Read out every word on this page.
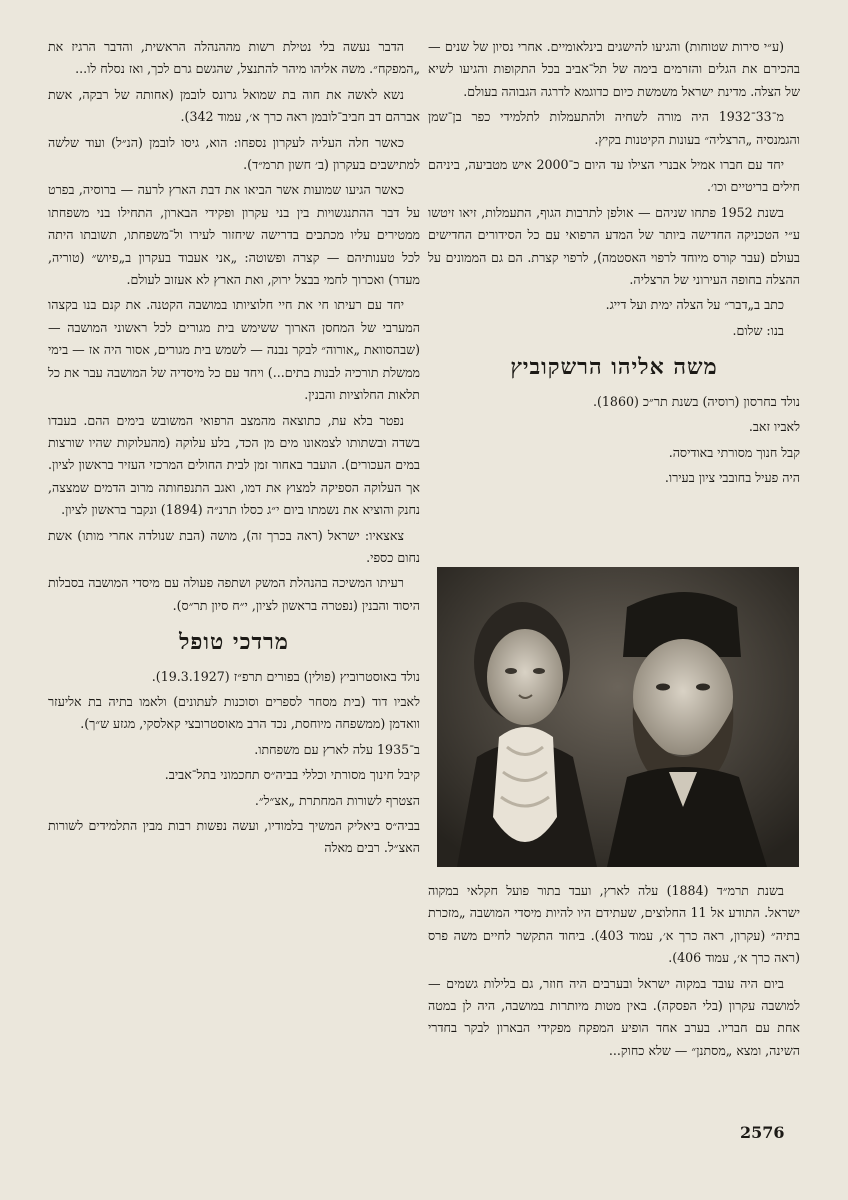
(ע״י סירות שטוחות) והגיעו להישגים בינלאומיים. אחרי נסיון של שנים — בהכירם את הגלים והזרמים בימה של תל־אביב בכל התקופות והגיעו לשיא של הצלה. מדינת ישראל משמשת כיום כדוגמא לדרגה הגבוהה בעולם.

מ־33־1932 היה מורה לשחיה ולהתעמלות לתלמידי כפר בן־שמן והגמנסיה „הרצליה״ בעונות הקיטנות בקיץ.

יחד עם חברו אמיל אבנרי הצילו עד היום כ־2000 איש מטביעה, ביניהם חילים בריטיים וכו׳.

בשנת 1952 פתחו שניהם — אולפן לתרבות הגוף, התעמלות, זיאו זיטשו ע״י הטכניקה החדישה ביותר של המדע הרפואי עם כל הסידורים החדישים בעולם (עבר קורס מיוחד לרפוי האסטמה), לרפוי קצרת. הם גם הממונים על ההצלה בחופה העירוני של הרצליה.

כתב ב„דבר״ על הצלה ימית ועל דייג.

בנו: שלום.

משה אליהו הרשקוביץ

נולד בחרסון (רוסיה) בשנת תר״כ (1860).

לאביו זאב.

קבל חנוך מסורתי באודיסה.

היה פעיל בחובבי ציון בעירו.

בשנת תרמ״ד (1884) עלה לארץ, ועבד בתור פועל חקלאי במקוה ישראל. התודע אל 11 החלוצים, שעתידם היו להיות מיסדי המושבה „מזכרת בתיה״ (עקרון, ראה כרך א׳, עמוד 403). ביחוד התקשר לחיים משה פרס (ראה כרך א׳, עמוד 406).

ביום היה עובד במקוה ישראל ובערבים היה חוזר, גם בלילות גשמים — למושבה עקרון (בלי הפסקה). באין מטות מיותרות במושבה, היה לן במטה אחת עם חבריו. בערב אחד הופיע המפקח מפקידי הבארון לבקר בחדרי השינה, ומצא „מסתנן״ — שלא כחוק...

הדבר נעשה בלי נטילת רשות מההנהלה הראשית, והדבר הרגיז את „המפקח״. משה אליהו מיהר להתנצל, שהגשם גרם לכך, ואז נסלח לו...

נשא לאשה את חוה בת שמואל גרונס לובמן (אחותה של רבקה, אשת אברהם דב חביב־לובמן ראה כרך א׳, עמוד 342).

כאשר חלה העליה לעקרון נספחו: הוא, גיסו לובמן (הנ״ל) ועוד שלשה למתישבים בעקרון (ב׳ חשון תרמ״ד).

כאשר הגיעו שמועות אשר הביאו את דבת הארץ לרעה — ברוסיה, בפרט על דבר ההתנגשויות בין בני עקרון ופקידי הבארון, התחילו בני משפחתו ממטירים עליו מכתבים בדרישה שיחזור לעירו ול־משפחתו, תשובתו היתה לכל טענותיהם — קצרה ופשוטה: „אני אעבוד בעקרון ב„פיוש״ (טוריה, מעדר) ואכרוך לחמי בבצל ירוק, ואת הארץ לא אעזוב לעולם.

יחד עם רעיתו חי את חיי חלוציותו במושבה הקטנה. את קנם בנו בקצהו המערבי של המחסן הארוך ששימש בית מגורים לכל ראשוני המושבה — (שבהסוואת „אורוה״ לבקר נבנה — לשמש בית מגורים, אסור היה אז — בימי ממשלת תורכיה לבנות בתים...) ויחד עם כל מיסדיה של המושבה עבר את כל תלאות החלוציות והבנין.

נפטר בלא עת, כתוצאה מהמצב הרפואי המשובש בימים ההם. בעבדו בשדה ובשתותו לצמאונו מים מן הכד, בלע עלוקה (מהעלוקות שהיו שורצות במים העכורים). הועבר באחור זמן לבית החולים המרכזי העזיר בראשון לציון. אך העלוקה הספיקה למצוץ את דמו, ואגב התנפחותה מרוב הדמים שמצצה, נחנק והוציא את נשמתו ביום י״ג כסלו תרנ״ה (1894) ונקבר בראשון לציון.

צאצאיו: ישראל (ראה בכרך זה), מושה (הבת שנולדה אחרי מותו) אשת נחום כספי.

רעיתו המשיכה בהנהלת המשק ושתפה פעולה עם מיסדי המושבה בסבלות היסוד והבנין (נפטרה בראשון לציון, י״ח סיון תר״ס).

מרדכי טופל

נולד באוסטרוביץ (פולין) בפורים תרפ״ז (19.3.1927).

לאביו דוד (בית מסחר לספרים וסוכנות לעתונים) ולאמו בתיה בת אליעזר וואדמן (ממשפחה מיוחסת, נכד הרב מאוסטרובצי קאלסקי, מגזע ש״ך).

ב־1935 עלה לארץ עם משפחתו.

קיבל חינוך מסורתי וכללי בביה״ס תחכמוני בתל־אביב.

הצטרף לשורות המחתרת „אצ״ל״.

בביה״ס ביאליק המשיך בלמודיו, ועשה נפשות רבות מבין התלמידים לשורות האצ״ל. רבים מאלה

2576
